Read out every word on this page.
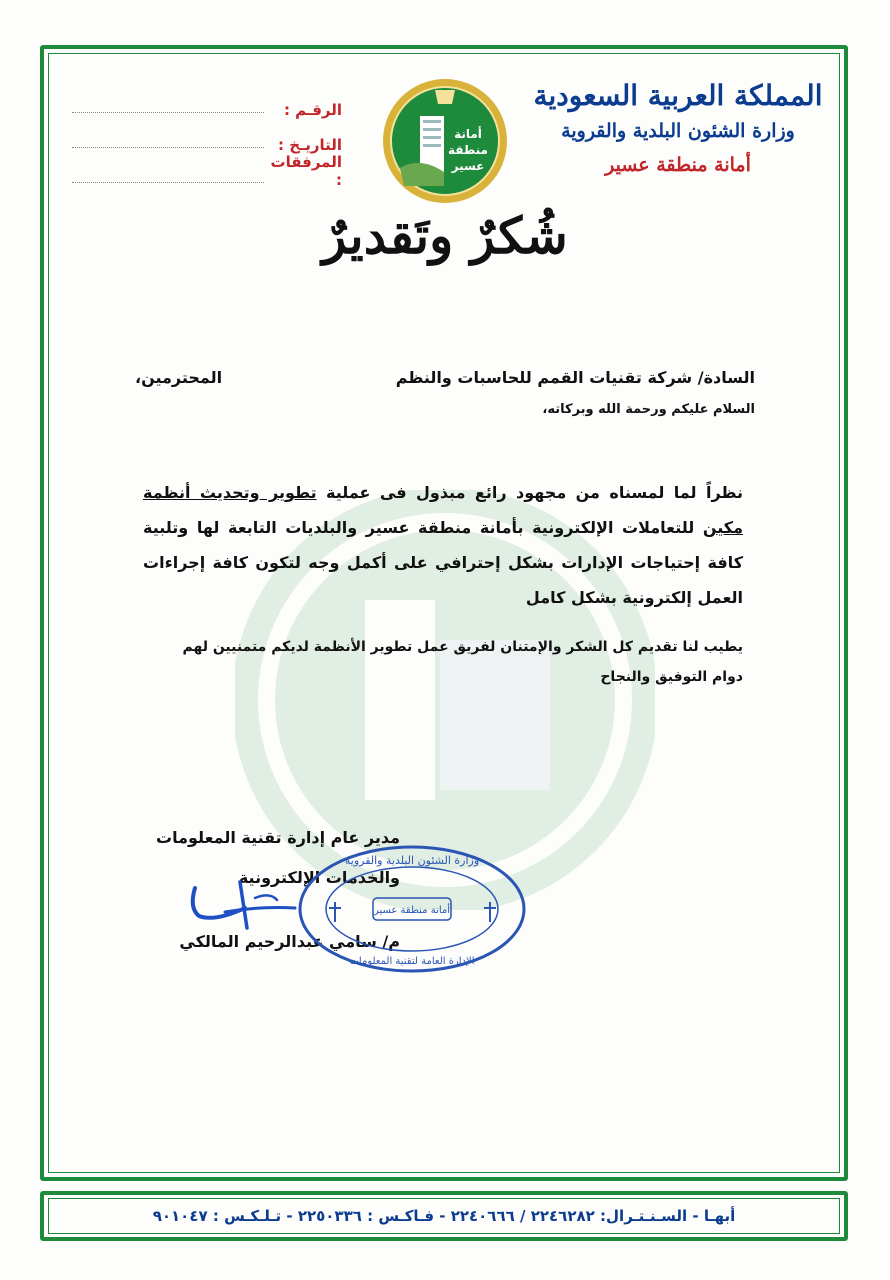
المملكة العربية السعودية
وزارة الشئون البلدية والقروية
أمانة منطقة عسير
الرقـم :
التاريـخ :
المرفقات :
أمانة
منطقة
عسير
شُكرٌ وتَقديرٌ
السادة/ شركة تقنيات القمم للحاسبات والنظم
المحترمين،
السلام عليكم ورحمة الله وبركاته،
نظراً لما لمسناه من مجهود رائع مبذول فى عملية تطوير وتحديث أنظمة مكين للتعاملات الإلكترونية بأمانة منطقة عسير والبلديات التابعة لها وتلبية كافة إحتياجات الإدارات بشكل إحترافي على أكمل وجه لتكون كافة إجراءات العمل إلكترونية بشكل كامل
يطيب لنا تقديم كل الشكر والإمتنان لفريق عمل تطوير الأنظمة لديكم متمنيين لهم
دوام التوفيق والنجاح
مدير عام إدارة تقنية المعلومات
والخدمات الإلكترونية
م/ سامي عبدالرحيم المالكي
وزارة الشئون البلدية والقروية
أمانة منطقة عسير
الإدارة العامة لتقنية المعلومات
أبهـا - السـنـتـرال: ٢٢٤٦٢٨٢ / ٢٢٤٠٦٦٦ - فـاكـس : ٢٢٥٠٣٣٦ - تـلـكـس : ٩٠١٠٤٧
